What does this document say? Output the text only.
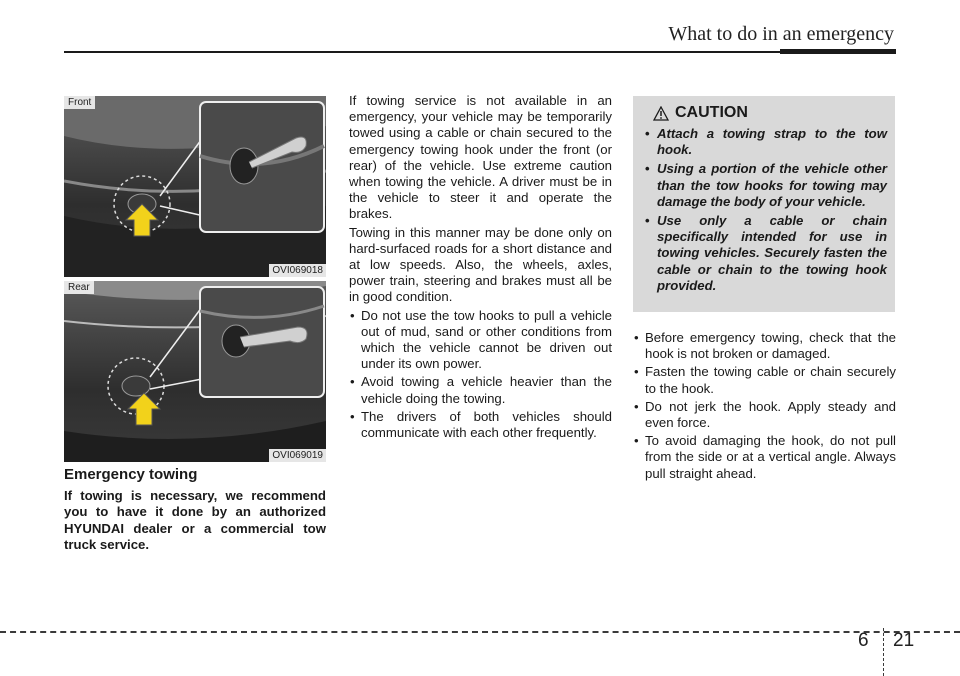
What to do in an emergency
Front
OVI069018
Rear
OVI069019
Emergency towing

If towing is necessary, we recommend you to have it done by an authorized HYUNDAI dealer or a commercial tow truck service.

If towing service is not available in an emergency, your vehicle may be temporarily towed using a cable or chain secured to the emergency towing hook under the front (or rear) of the vehicle. Use extreme caution when towing the vehicle. A driver must be in the vehicle to steer it and operate the brakes.

Towing in this manner may be done only on hard-surfaced roads for a short distance and at low speeds. Also, the wheels, axles, power train, steering and brakes must all be in good condition.

• Do not use the tow hooks to pull a vehicle out of mud, sand or other conditions from which the vehicle cannot be driven out under its own power.
• Avoid towing a vehicle heavier than the vehicle doing the towing.
• The drivers of both vehicles should communicate with each other frequently.
CAUTION
• Attach a towing strap to the tow hook.
• Using a portion of the vehicle other than the tow hooks for towing may damage the body of your vehicle.
• Use only a cable or chain specifically intended for use in towing vehicles. Securely fasten the cable or chain to the towing hook provided.
• Before emergency towing, check that the hook is not broken or damaged.
• Fasten the towing cable or chain securely to the hook.
• Do not jerk the hook. Apply steady and even force.
• To avoid damaging the hook, do not pull from the side or at a vertical angle. Always pull straight ahead.
6 21
